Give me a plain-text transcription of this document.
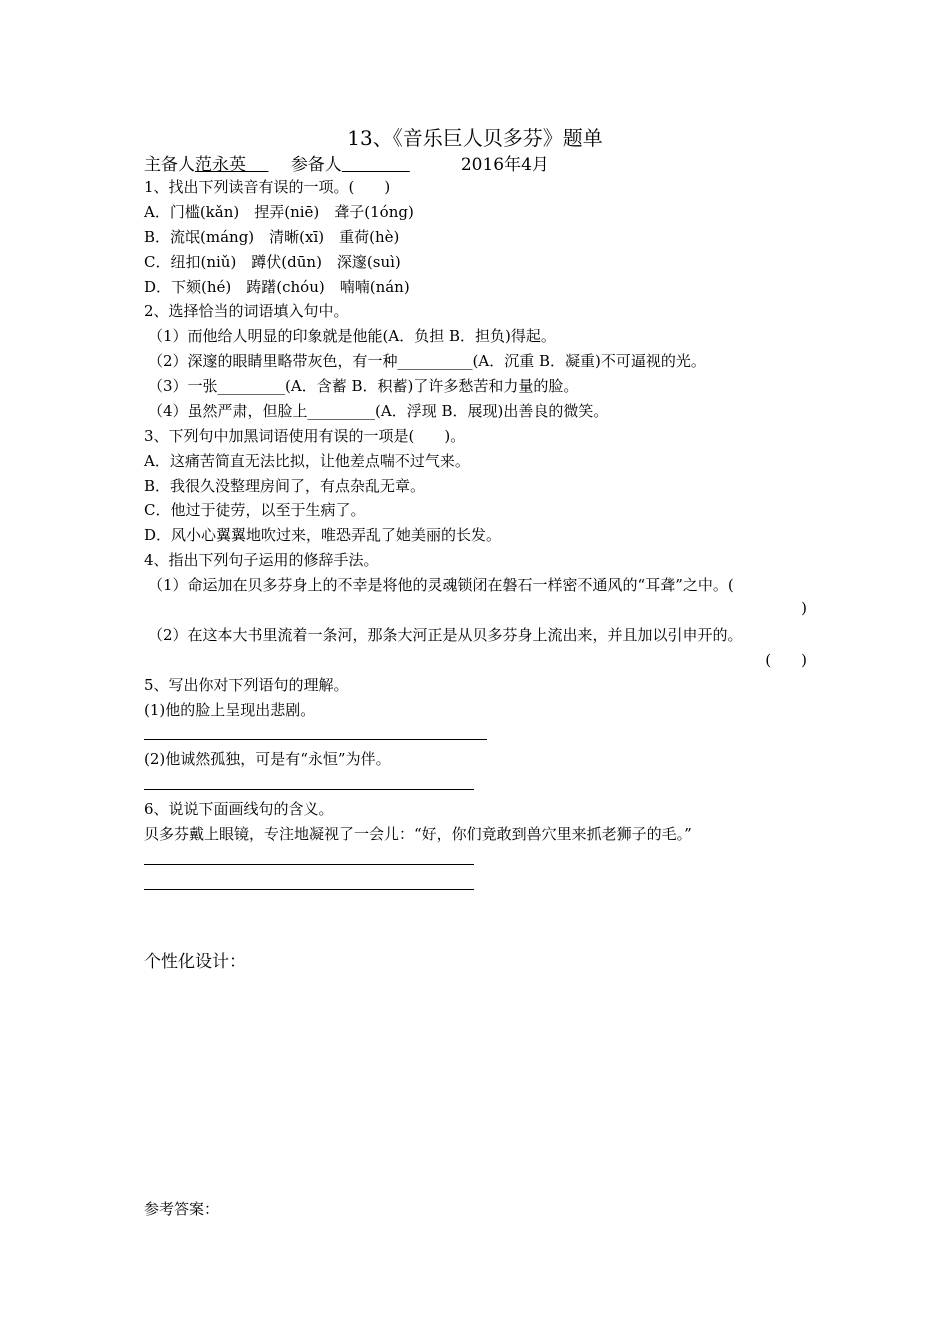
13、《音乐巨人贝多芬》题单
主备人范永英　 　	参备人　　　　　　　	2016年4月
1、找出下列读音有误的一项。(　　)
A．门槛(kǎn)　捏弄(niē)　聋子(1óng)
B．流氓(máng)　清晰(xī)　重荷(hè)
C．纽扣(niǔ)　蹲伏(dūn)　深邃(suì)
D．下颏(hé)　踌躇(chóu)　喃喃(nán)
2、选择恰当的词语填入句中。
（1）而他给人明显的印象就是他能(A．负担 B．担负)得起。
（2）深邃的眼睛里略带灰色，有一种__________(A．沉重 B．凝重)不可逼视的光。
（3）一张_________(A．含蓄 B．积蓄)了许多愁苦和力量的脸。
（4）虽然严肃，但脸上_________(A．浮现 B．展现)出善良的微笑。
3、下列句中加黑词语使用有误的一项是(　　)。
A．这痛苦简直无法比拟，让他差点喘不过气来。
B．我很久没整理房间了，有点杂乱无章。
C．他过于徒劳，以至于生病了。
D．风小心翼翼地吹过来，唯恐弄乱了她美丽的长发。
4、指出下列句子运用的修辞手法。
（1）命运加在贝多芬身上的不幸是将他的灵魂锁闭在磐石一样密不通风的“耳聋”之中。(
)
（2）在这本大书里流着一条河，那条大河正是从贝多芬身上流出来，并且加以引申开的。
(　　)
5、写出你对下列语句的理解。
(1)他的脸上呈现出悲剧。
(2)他诚然孤独，可是有“永恒”为伴。
6、说说下面画线句的含义。
贝多芬戴上眼镜，专注地凝视了一会儿：“好，你们竟敢到兽穴里来抓老狮子的毛。”
个性化设计：
参考答案：
